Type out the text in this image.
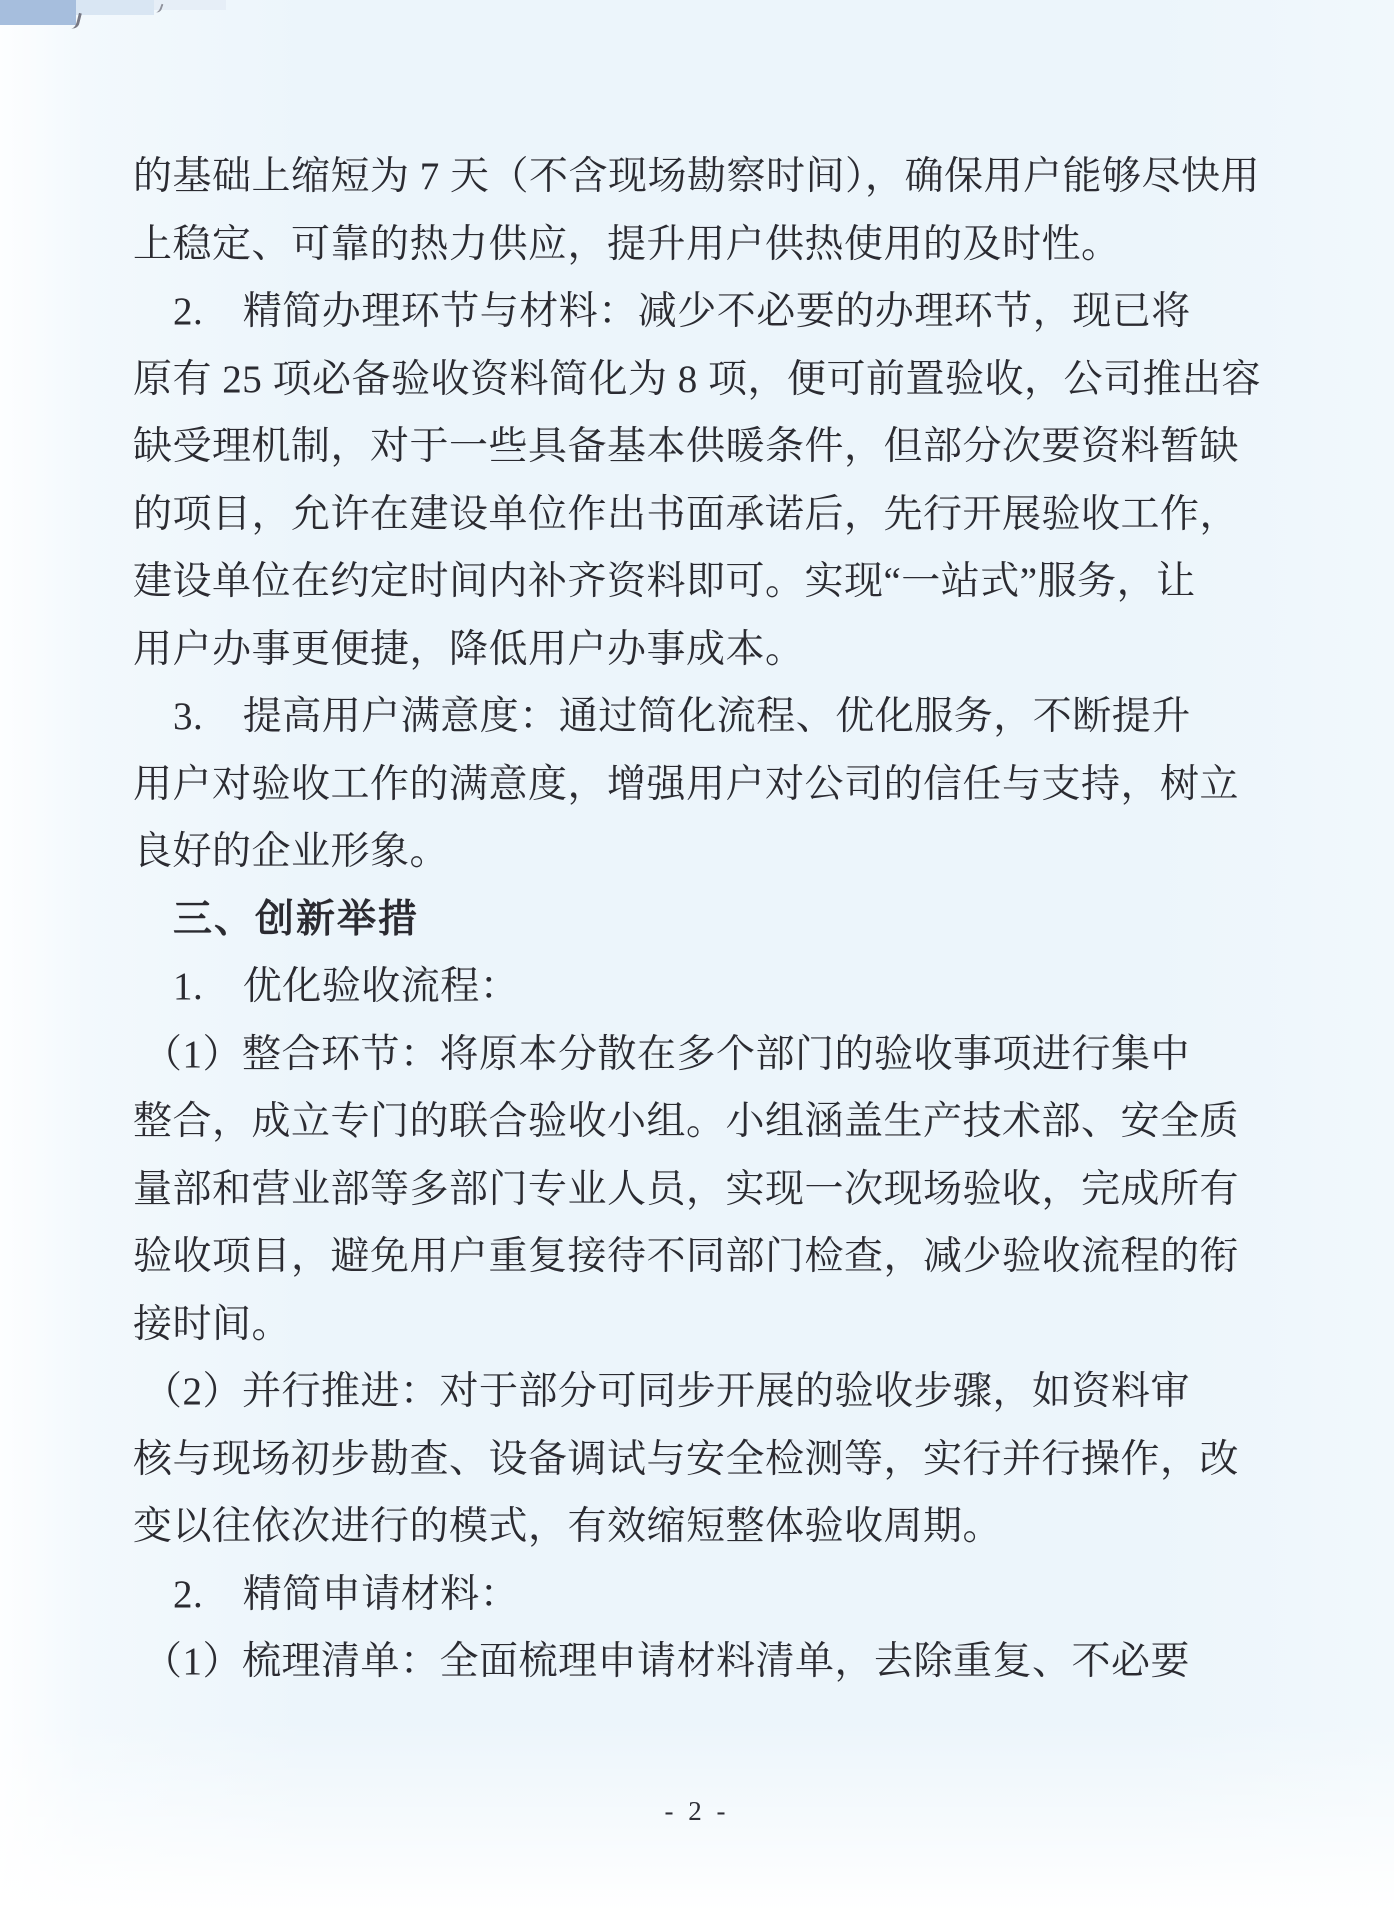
的基础上缩短为 7 天（不含现场勘察时间），确保用户能够尽快用
上稳定、可靠的热力供应，提升用户供热使用的及时性。
2.　精简办理环节与材料：减少不必要的办理环节，现已将
原有 25 项必备验收资料简化为 8 项，便可前置验收，公司推出容
缺受理机制，对于一些具备基本供暖条件，但部分次要资料暂缺
的项目，允许在建设单位作出书面承诺后，先行开展验收工作，
建设单位在约定时间内补齐资料即可。实现“一站式”服务，让
用户办事更便捷，降低用户办事成本。
3.　提高用户满意度：通过简化流程、优化服务，不断提升
用户对验收工作的满意度，增强用户对公司的信任与支持，树立
良好的企业形象。
三、创新举措
1.　优化验收流程：
（1）整合环节：将原本分散在多个部门的验收事项进行集中
整合，成立专门的联合验收小组。小组涵盖生产技术部、安全质
量部和营业部等多部门专业人员，实现一次现场验收，完成所有
验收项目，避免用户重复接待不同部门检查，减少验收流程的衔
接时间。
（2）并行推进：对于部分可同步开展的验收步骤，如资料审
核与现场初步勘查、设备调试与安全检测等，实行并行操作，改
变以往依次进行的模式，有效缩短整体验收周期。
2.　精简申请材料：
（1）梳理清单：全面梳理申请材料清单，去除重复、不必要
- 2 -
